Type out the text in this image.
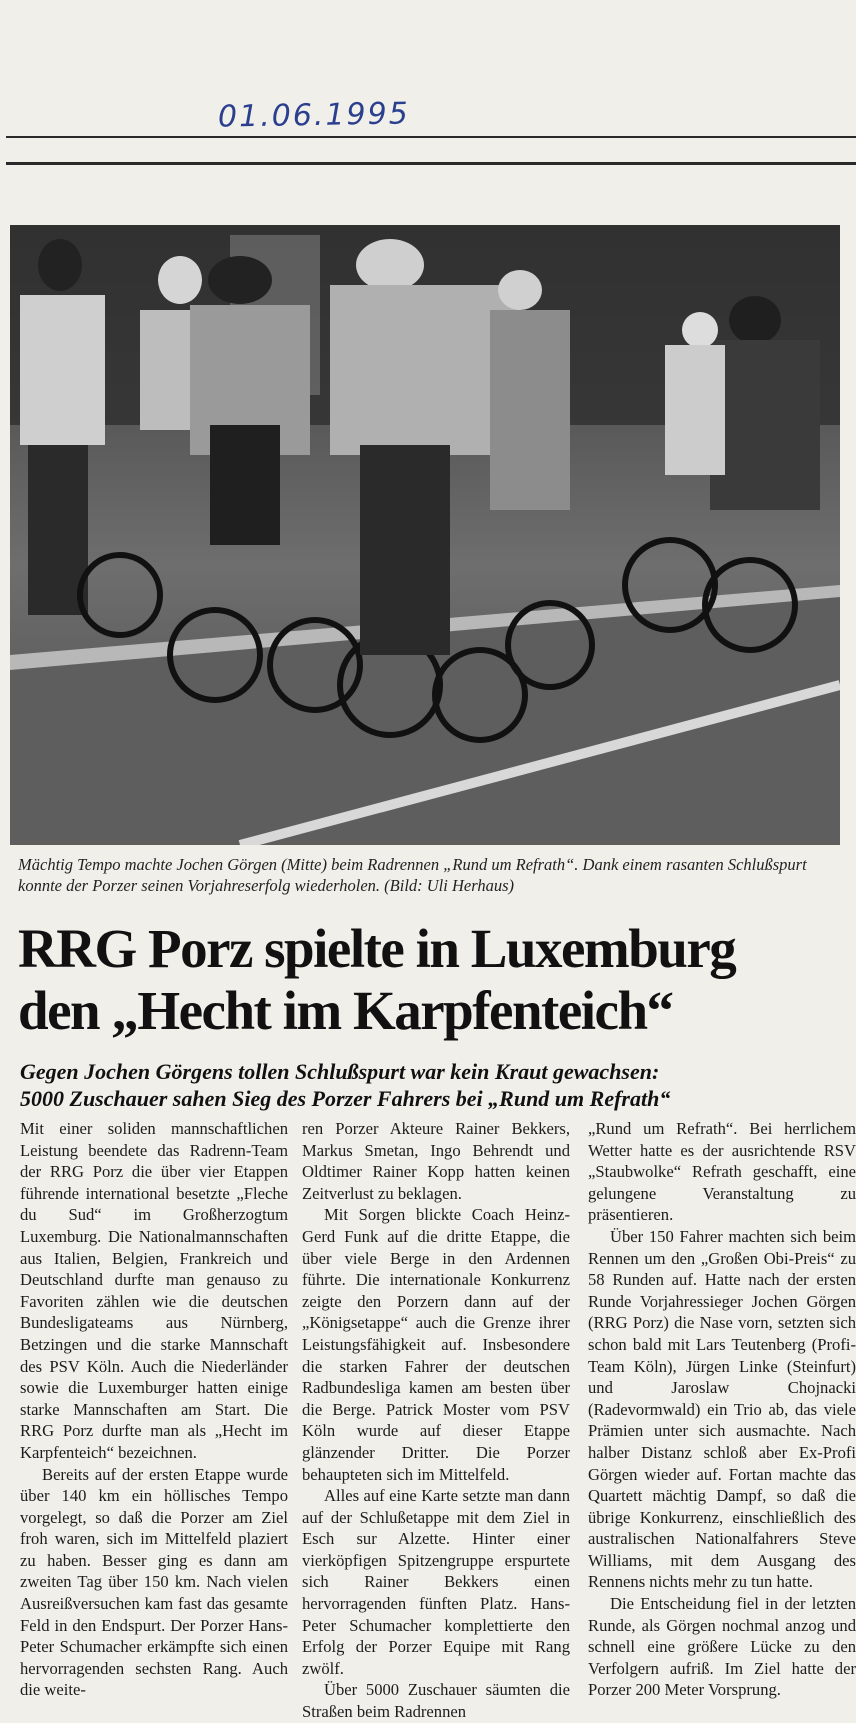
01.06.1995
Mächtig Tempo machte Jochen Görgen (Mitte) beim Radrennen „Rund um Refrath“. Dank einem rasanten Schlußspurt konnte der Porzer seinen Vorjahreserfolg wiederholen. (Bild: Uli Herhaus)
RRG Porz spielte in Luxemburg
den „Hecht im Karpfenteich“
Gegen Jochen Görgens tollen Schlußspurt war kein Kraut gewachsen:
5000 Zuschauer sahen Sieg des Porzer Fahrers bei „Rund um Refrath“

Mit einer soliden mannschaftlichen Leistung beendete das Radrenn-Team der RRG Porz die über vier Etappen führende international besetzte „Fleche du Sud“ im Großherzogtum Luxemburg. Die Nationalmannschaften aus Italien, Belgien, Frankreich und Deutschland durfte man genauso zu Favoriten zählen wie die deutschen Bundesligateams aus Nürnberg, Betzingen und die starke Mannschaft des PSV Köln. Auch die Niederländer sowie die Luxemburger hatten einige starke Mannschaften am Start. Die RRG Porz durfte man als „Hecht im Karpfenteich“ bezeichnen.

Bereits auf der ersten Etappe wurde über 140 km ein höllisches Tempo vorgelegt, so daß die Porzer am Ziel froh waren, sich im Mittelfeld plaziert zu haben. Besser ging es dann am zweiten Tag über 150 km. Nach vielen Ausreißversuchen kam fast das gesamte Feld in den Endspurt. Der Porzer Hans-Peter Schumacher erkämpfte sich einen hervorragenden sechsten Rang. Auch die weite-

ren Porzer Akteure Rainer Bekkers, Markus Smetan, Ingo Behrendt und Oldtimer Rainer Kopp hatten keinen Zeitverlust zu beklagen.

Mit Sorgen blickte Coach Heinz-Gerd Funk auf die dritte Etappe, die über viele Berge in den Ardennen führte. Die internationale Konkurrenz zeigte den Porzern dann auf der „Königsetappe“ auch die Grenze ihrer Leistungsfähigkeit auf. Insbesondere die starken Fahrer der deutschen Radbundesliga kamen am besten über die Berge. Patrick Moster vom PSV Köln wurde auf dieser Etappe glänzender Dritter. Die Porzer behaupteten sich im Mittelfeld.

Alles auf eine Karte setzte man dann auf der Schlußetappe mit dem Ziel in Esch sur Alzette. Hinter einer vierköpfigen Spitzengruppe erspurtete sich Rainer Bekkers einen hervorragenden fünften Platz. Hans-Peter Schumacher komplettierte den Erfolg der Porzer Equipe mit Rang zwölf.

Über 5000 Zuschauer säumten die Straßen beim Radrennen

„Rund um Refrath“. Bei herrlichem Wetter hatte es der ausrichtende RSV „Staubwolke“ Refrath geschafft, eine gelungene Veranstaltung zu präsentieren.

Über 150 Fahrer machten sich beim Rennen um den „Großen Obi-Preis“ zu 58 Runden auf. Hatte nach der ersten Runde Vorjahressieger Jochen Görgen (RRG Porz) die Nase vorn, setzten sich schon bald mit Lars Teutenberg (Profi-Team Köln), Jürgen Linke (Steinfurt) und Jaroslaw Chojnacki (Radevormwald) ein Trio ab, das viele Prämien unter sich ausmachte. Nach halber Distanz schloß aber Ex-Profi Görgen wieder auf. Fortan machte das Quartett mächtig Dampf, so daß die übrige Konkurrenz, einschließlich des australischen Nationalfahrers Steve Williams, mit dem Ausgang des Rennens nichts mehr zu tun hatte.

Die Entscheidung fiel in der letzten Runde, als Görgen nochmal anzog und schnell eine größere Lücke zu den Verfolgern aufriß. Im Ziel hatte der Porzer 200 Meter Vorsprung.
